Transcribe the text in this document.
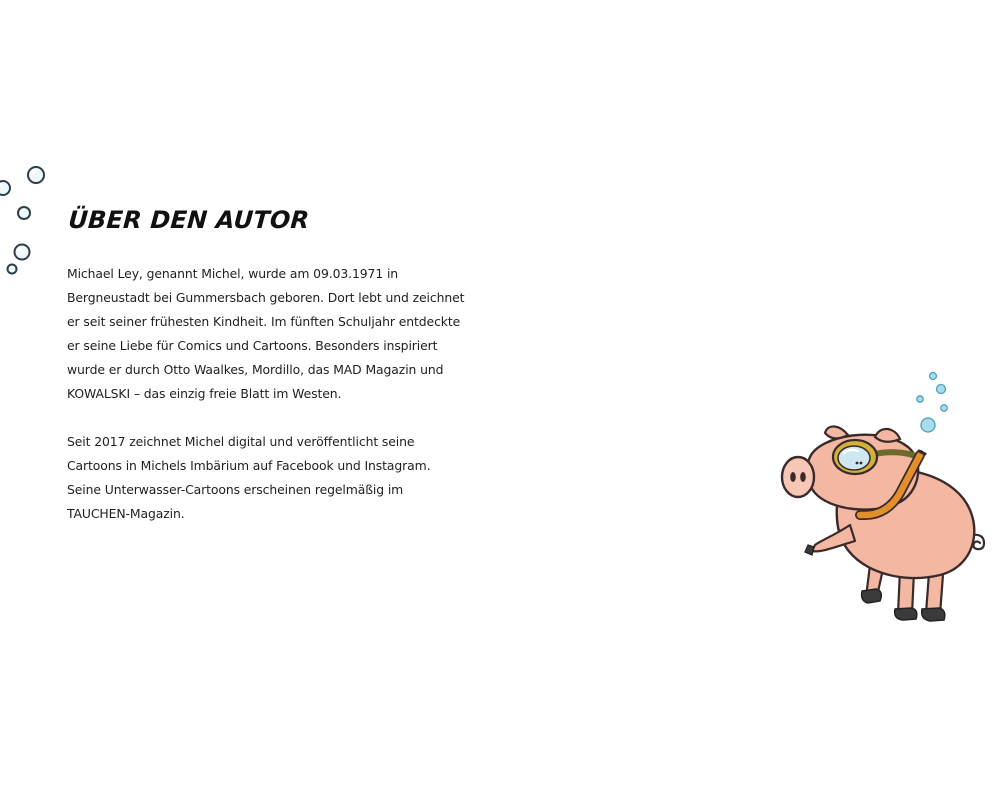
ÜBER DEN AUTOR

Michael Ley, genannt Michel, wurde am 09.03.1971 in Bergneustadt bei Gummersbach geboren. Dort lebt und zeichnet er seit seiner frühesten Kindheit. Im fünften Schuljahr entdeckte er seine Liebe für Comics und Cartoons. Besonders inspiriert wurde er durch Otto Waalkes, Mordillo, das MAD Magazin und KOWALSKI – das einzig freie Blatt im Westen.

Seit 2017 zeichnet Michel digital und veröffentlicht seine Cartoons in Michels Imbärium auf Facebook und Instagram. Seine Unterwasser-Cartoons erscheinen regelmäßig im TAUCHEN-Magazin.
